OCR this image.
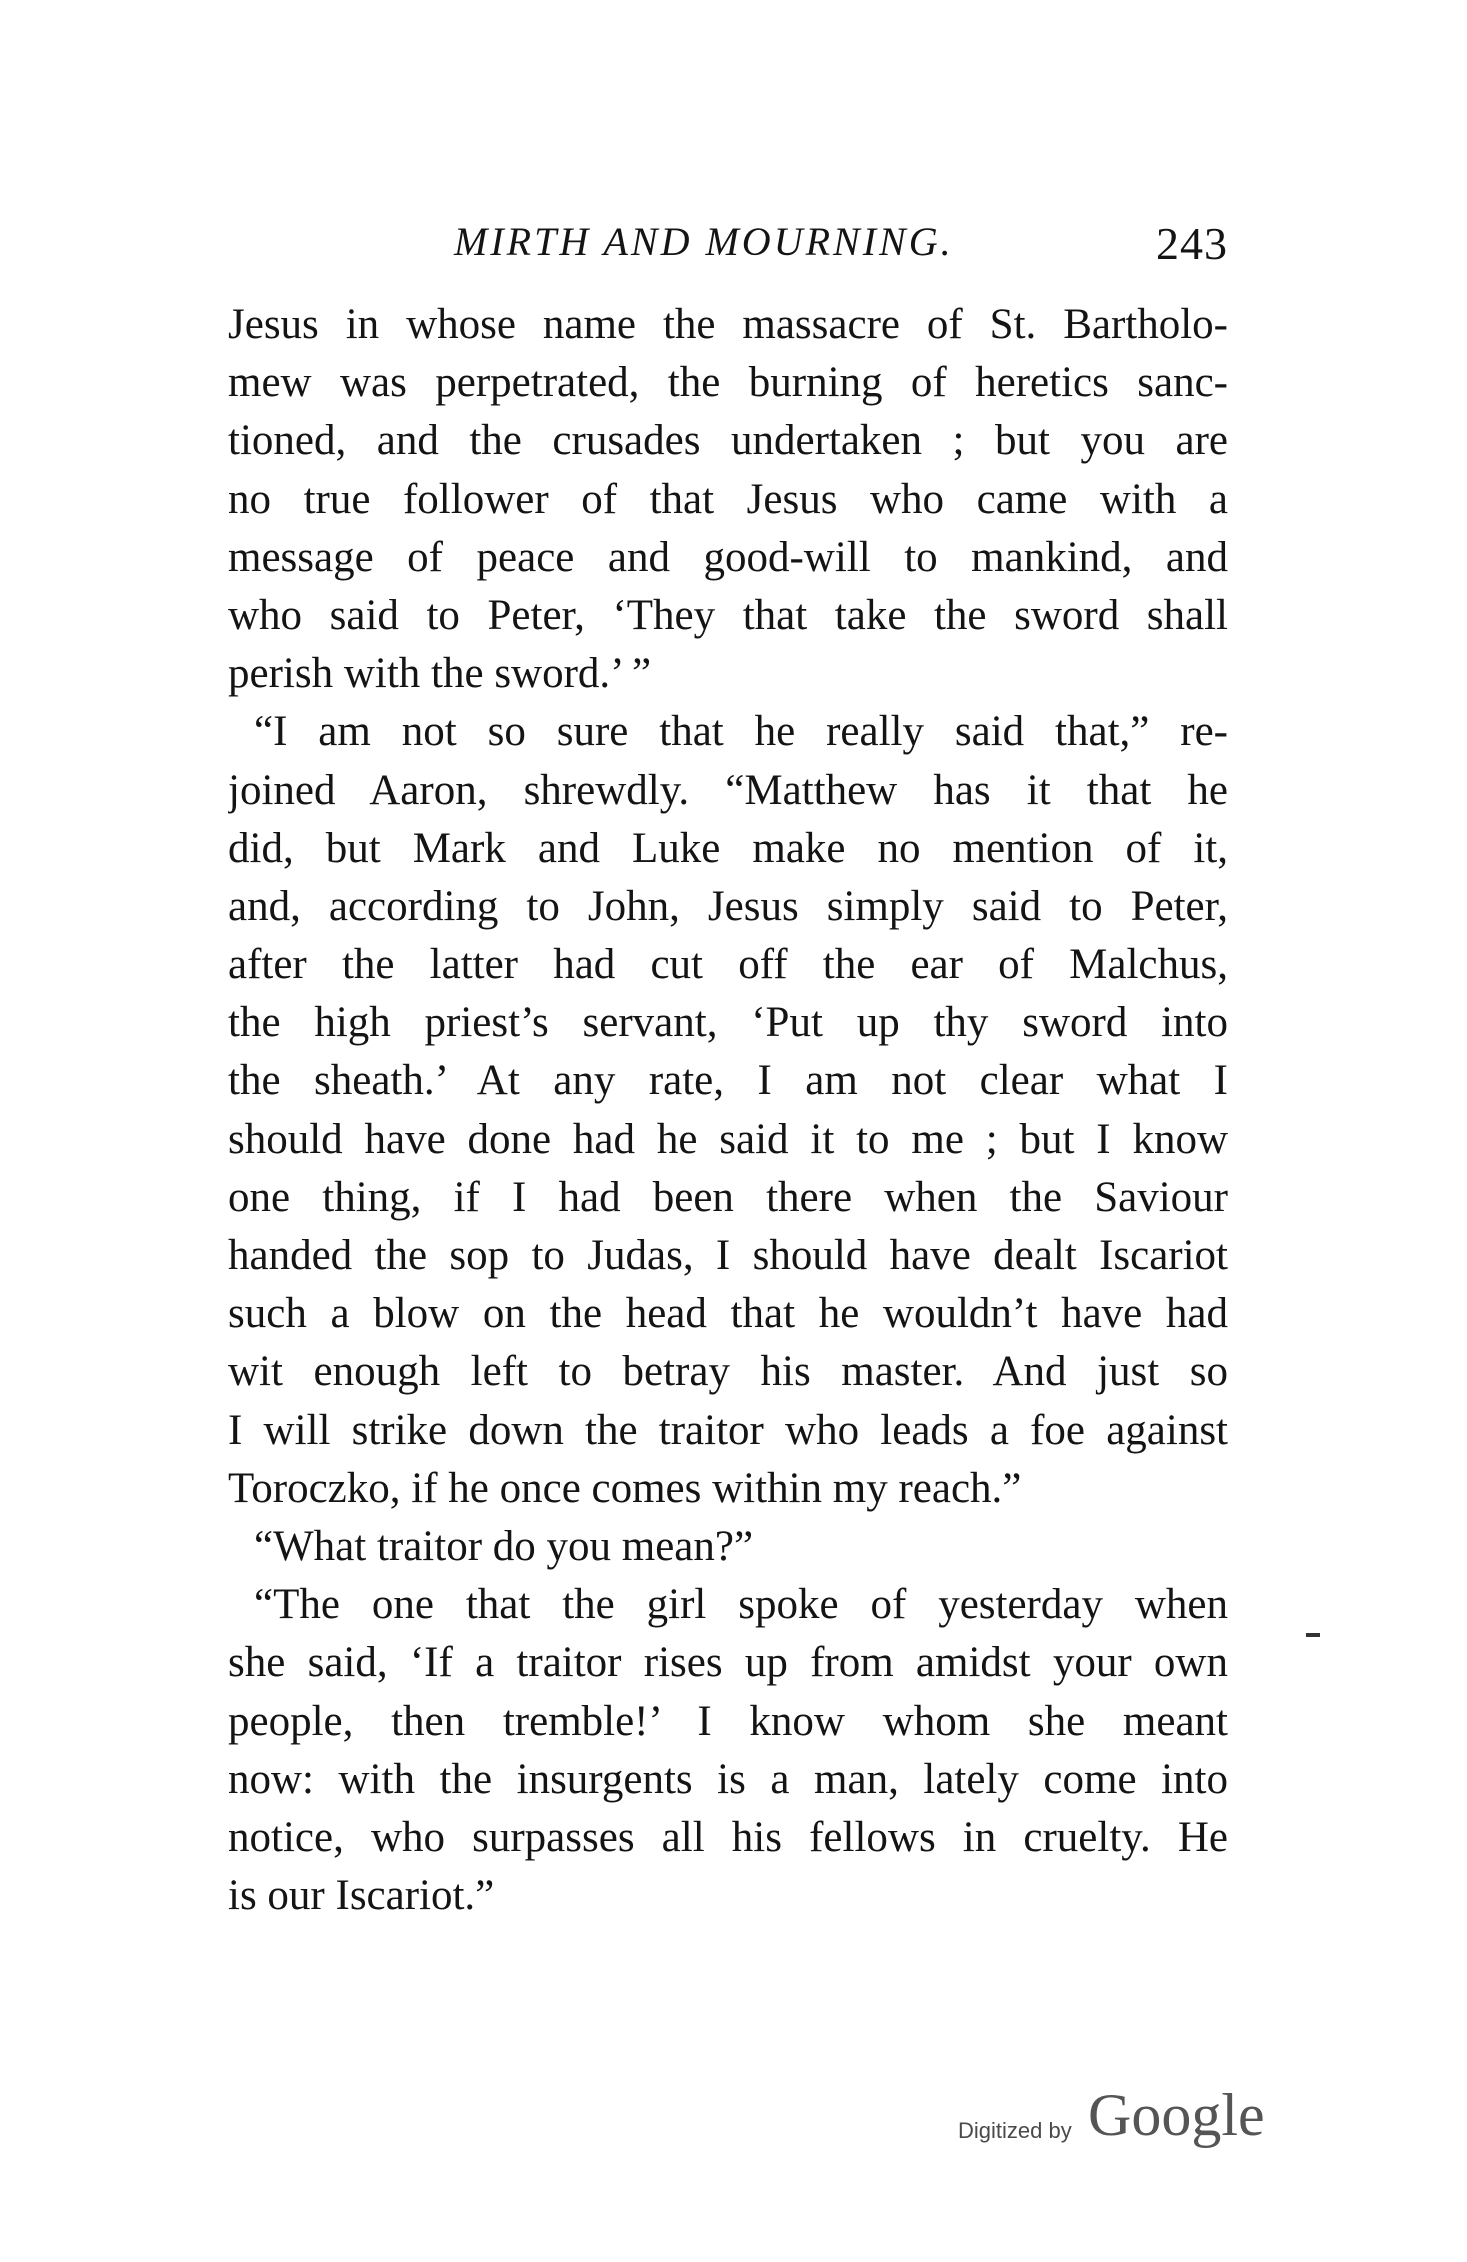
MIRTH AND MOURNING.	243
Jesus in whose name the massacre of St. Bartholo-
mew was perpetrated, the burning of heretics sanc-
tioned, and the crusades undertaken ; but you are
no true follower of that Jesus who came with a
message of peace and good-will to mankind, and
who said to Peter, ‘They that take the sword shall
perish with the sword.’ ”
“I am not so sure that he really said that,” re-
joined Aaron, shrewdly. “Matthew has it that he
did, but Mark and Luke make no mention of it,
and, according to John, Jesus simply said to Peter,
after the latter had cut off the ear of Malchus,
the high priest’s servant, ‘Put up thy sword into
the sheath.’ At any rate, I am not clear what I
should have done had he said it to me ; but I know
one thing, if I had been there when the Saviour
handed the sop to Judas, I should have dealt Iscariot
such a blow on the head that he wouldn’t have had
wit enough left to betray his master. And just so
I will strike down the traitor who leads a foe against
Toroczko, if he once comes within my reach.”
“What traitor do you mean?”
“The one that the girl spoke of yesterday when
she said, ‘If a traitor rises up from amidst your own
people, then tremble!’ I know whom she meant
now: with the insurgents is a man, lately come into
notice, who surpasses all his fellows in cruelty. He
is our Iscariot.”
Digitized by Google
